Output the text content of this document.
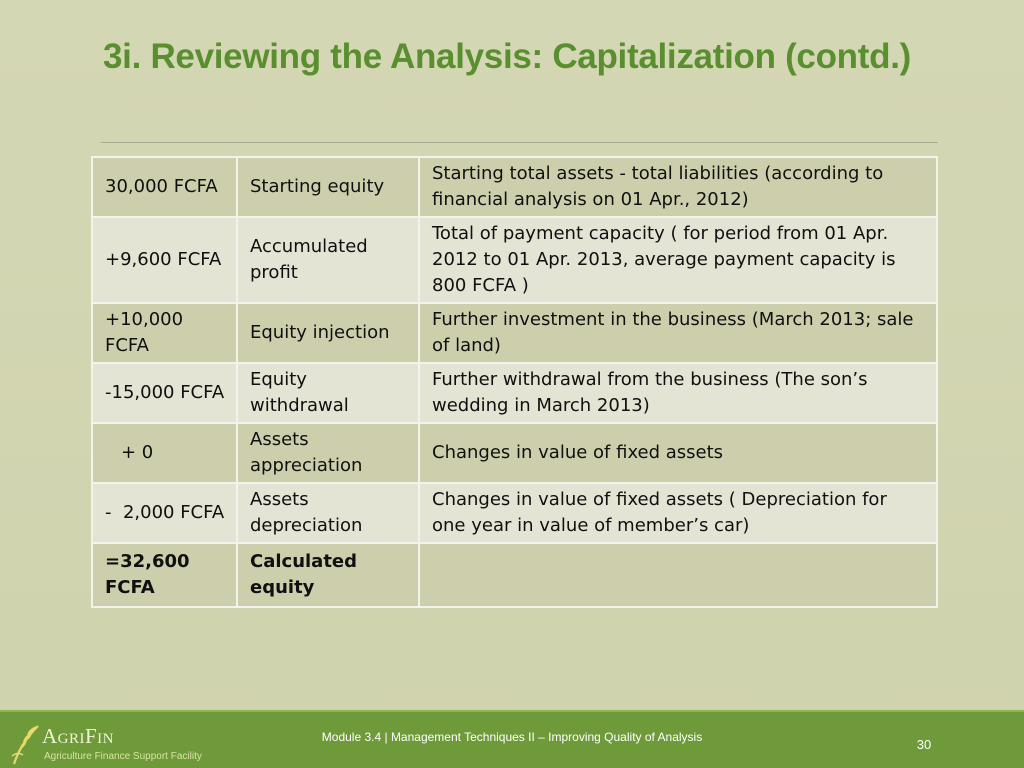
3i. Reviewing the Analysis: Capitalization (contd.)
30,000 FCFA	Starting equity	Starting total assets - total liabilities (according to financial analysis on 01 Apr., 2012)
+9,600 FCFA	Accumulated profit	Total of payment capacity ( for period from 01 Apr. 2012 to 01 Apr. 2013, average payment capacity is 800 FCFA )
+10,000 FCFA	Equity injection	Further investment in the business (March 2013; sale of land)
-15,000 FCFA	Equity withdrawal	Further withdrawal from the business (The son’s wedding in March 2013)
+ 0	Assets appreciation	Changes in value of fixed assets
-  2,000 FCFA	Assets depreciation	Changes in value of fixed assets ( Depreciation for one year in value of member’s car)
=32,600 FCFA	Calculated equity	
AgriFin
Agriculture Finance Support Facility
Module 3.4 | Management Techniques II – Improving Quality of Analysis	30
